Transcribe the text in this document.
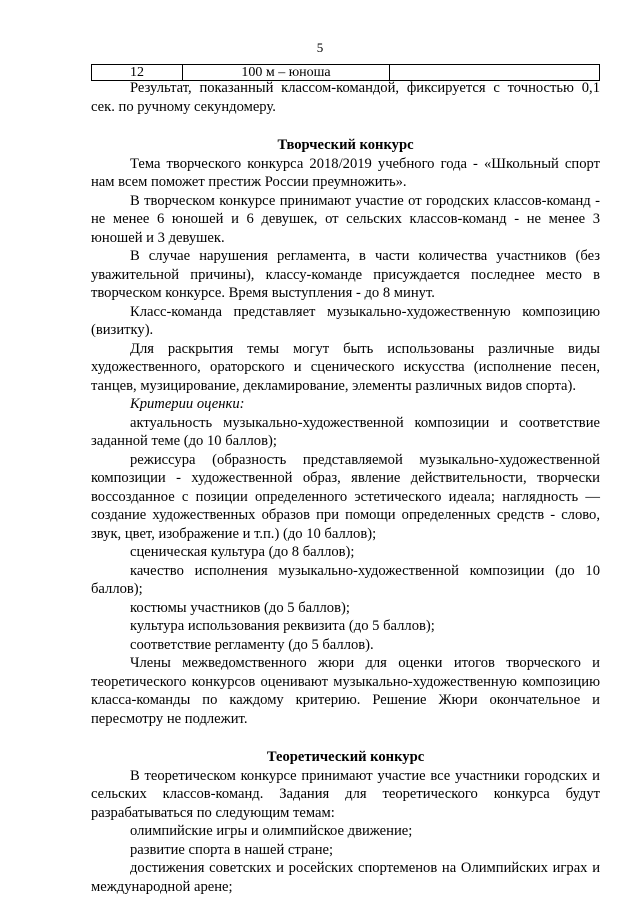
5
12	100 м – юноша	

Результат, показанный классом-командой, фиксируется с точностью 0,1 сек. по ручному секундомеру.

Творческий конкурс

Тема творческого конкурса 2018/2019 учебного года - «Школьный спорт нам всем поможет престиж России преумножить».

В творческом конкурсе принимают участие от городских классов-команд - не менее 6 юношей и 6 девушек, от сельских классов-команд - не менее 3 юношей и 3 девушек.

В случае нарушения регламента, в части количества участников (без уважительной причины), классу-команде присуждается последнее место в творческом конкурсе. Время выступления - до 8 минут.

Класс-команда представляет музыкально-художественную композицию (визитку).

Для раскрытия темы могут быть использованы различные виды художественного, ораторского и сценического искусства (исполнение песен, танцев, музицирование, декламирование, элементы различных видов спорта).

Критерии оценки:

актуальность музыкально-художественной композиции и соответствие заданной теме (до 10 баллов);

режиссура (образность представляемой музыкально-художественной композиции - художественной образ, явление действительности, творчески воссозданное с позиции определенного эстетического идеала; наглядность — создание художественных образов при помощи определенных средств - слово, звук, цвет, изображение и т.п.) (до 10 баллов);

сценическая культура (до 8 баллов);

качество исполнения музыкально-художественной композиции (до 10 баллов);

костюмы участников (до 5 баллов);

культура использования реквизита (до 5 баллов);

соответствие регламенту (до 5 баллов).

Члены межведомственного жюри для оценки итогов творческого и теоретического конкурсов оценивают музыкально-художественную композицию класса-команды по каждому критерию. Решение Жюри окончательное и пересмотру не подлежит.

Теоретический конкурс

В теоретическом конкурсе принимают участие все участники городских и сельских классов-команд. Задания для теоретического конкурса будут разрабатываться по следующим темам:

олимпийские игры и олимпийское движение;

развитие спорта в нашей стране;

достижения советских и росейских спортеменов на Олимпийских играх и международной арене;
